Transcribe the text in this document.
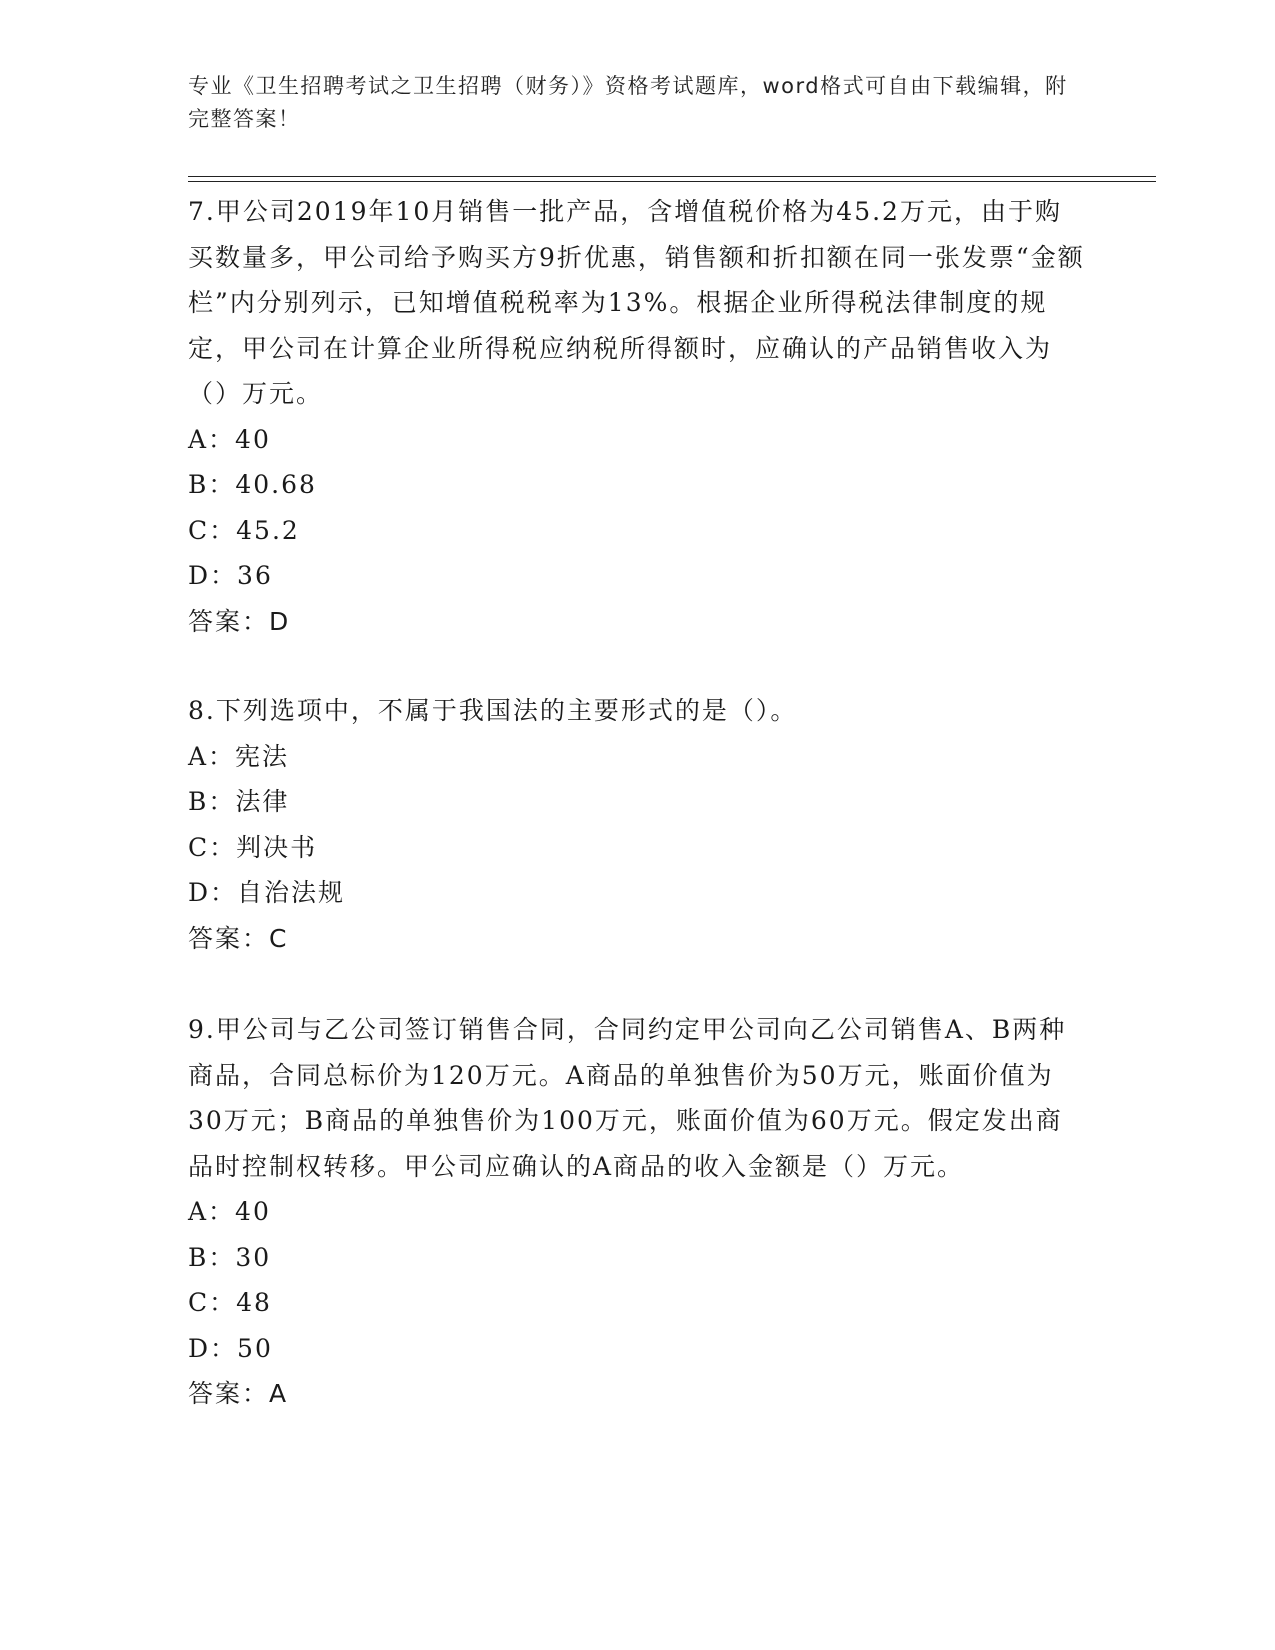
专业《卫生招聘考试之卫生招聘（财务）》资格考试题库，word格式可自由下载编辑，附完整答案！
7.甲公司2019年10月销售一批产品，含增值税价格为45.2万元，由于购买数量多，甲公司给予购买方9折优惠，销售额和折扣额在同一张发票“金额栏”内分别列示，已知增值税税率为13%。根据企业所得税法律制度的规定，甲公司在计算企业所得税应纳税所得额时，应确认的产品销售收入为（）万元。
A：40
B：40.68
C：45.2
D：36
答案：D
8.下列选项中，不属于我国法的主要形式的是（）。
A：宪法
B：法律
C：判决书
D：自治法规
答案：C
9.甲公司与乙公司签订销售合同，合同约定甲公司向乙公司销售A、B两种商品，合同总标价为120万元。A商品的单独售价为50万元，账面价值为30万元；B商品的单独售价为100万元，账面价值为60万元。假定发出商品时控制权转移。甲公司应确认的A商品的收入金额是（）万元。
A：40
B：30
C：48
D：50
答案：A
